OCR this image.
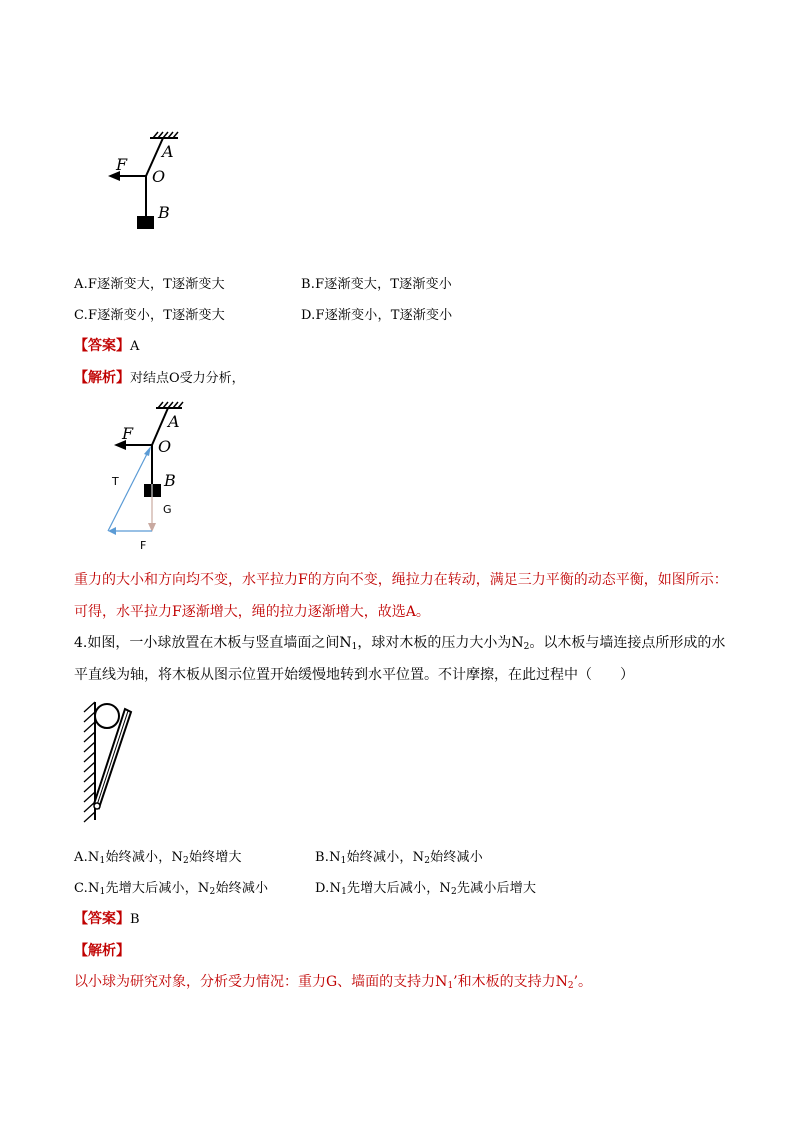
F
A
O
B
A.F逐渐变大，T逐渐变大	B.F逐渐变大，T逐渐变小
C.F逐渐变小，T逐渐变大	D.F逐渐变小，T逐渐变小
【答案】A
【解析】对结点O受力分析，
F
A
O
B
T
G
F
重力的大小和方向均不变，水平拉力F的方向不变，绳拉力在转动，满足三力平衡的动态平衡，如图所示：
可得，水平拉力F逐渐增大，绳的拉力逐渐增大，故选A。
4.如图，一小球放置在木板与竖直墙面之间$N_1$，球对木板的压力大小为$N_2$。以木板与墙连接点所形成的水
平直线为轴，将木板从图示位置开始缓慢地转到水平位置。不计摩擦，在此过程中（　　）
$A.N_1$始终减小，$N_2$始终增大	$B.N_1$始终减小，$N_2$始终减小
$C.N_1$先增大后减小，$N_2$始终减小	$D.N_1$先增大后减小，$N_2$先减小后增大
【答案】B
【解析】
以小球为研究对象，分析受力情况：重力G、墙面的支持力$N_1$’和木板的支持力$N_2$’。
